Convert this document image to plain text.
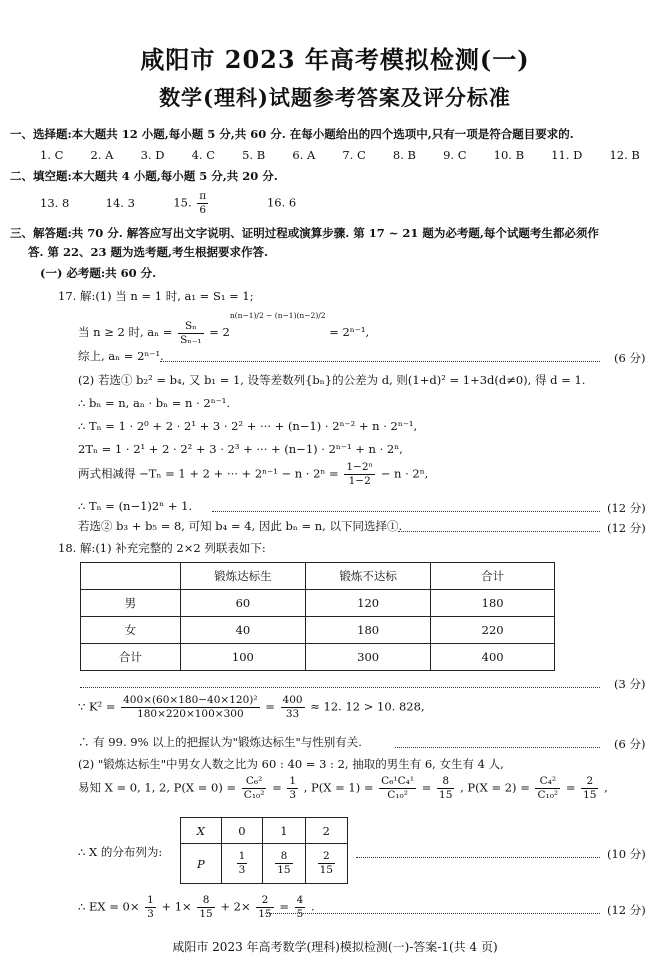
咸阳市 2023 年高考模拟检测(一)
数学(理科)试题参考答案及评分标准
一、选择题:本大题共 12 小题,每小题 5 分,共 60 分. 在每小题给出的四个选项中,只有一项是符合题目要求的.
1. C 2. A 3. D 4. C 5. B 6. A 7. C 8. B 9. C 10. B 11. D 12. B
二、填空题:本大题共 4 小题,每小题 5 分,共 20 分.
13. 8	14. 3	15. $\frac{\pi}{6}$	16. 6
三、解答题:共 70 分. 解答应写出文字说明、证明过程或演算步骤. 第 17 ~ 21 题为必考题,每个试题考生都必须作
答. 第 22、23 题为选考题,考生根据要求作答.
(一) 必考题:共 60 分.
17. 解:(1) 当 n = 1 时, a₁ = S₁ = 1;
当 n ≥ 2 时, $a_n = \frac{\text{Sₙ}}{\text{Sₙ₋₁}} = 2^{n(n-1)/2 - (n-1)(n-2)/2} = 2^{n-1}$,
综上, aₙ = 2ⁿ⁻¹.	(6 分)
(2) 若选① b₂² = b₄, 又 b₁ = 1, 设等差数列{bₙ}的公差为 d, 则(1+d)² = 1+3d(d≠0), 得 d = 1.
∴ bₙ = n, aₙ · bₙ = n · 2ⁿ⁻¹.
∴ Tₙ = 1 · 2⁰ + 2 · 2¹ + 3 · 2² + ··· + (n−1) · 2ⁿ⁻² + n · 2ⁿ⁻¹,
2Tₙ = 1 · 2¹ + 2 · 2² + 3 · 2³ + ··· + (n−1) · 2ⁿ⁻¹ + n · 2ⁿ,
两式相减得 −Tₙ = 1 + 2 + ··· + $2^{n-1} - n \cdot 2^n = \frac{\text{1−2ⁿ}}{1-2} - n \cdot 2^n$,
∴ Tₙ = (n−1)2ⁿ + 1.	(12 分)
若选② b₃ + b₅ = 8, 可知 b₄ = 4, 因此 bₙ = n, 以下同选择①.	(12 分)
18. 解:(1) 补充完整的 2×2 列联表如下:
	锻炼达标生	锻炼不达标	合计
男	60	120	180
女	40	180	220
合计	100	300	400
(3 分)
∵ $K^2 = \frac{\text{400×(60×180−40×120)²}}{180\times 220\times 100\times 300} = \frac{400}{33} \approx 12$. 12 > 10. 828,
∴ 有 99. 9% 以上的把握认为"锻炼达标生"与性别有关.	(6 分)
(2) "锻炼达标生"中男女人数之比为 60 : 40 = 3 : 2, 抽取的男生有 6, 女生有 4 人,
易知 X = 0, 1, 2, $P(X = 0) = \frac{\text{C₆²}}{\text{C₁₀²}} = \frac{1}{3}$ , $P(X = 1) = \frac{\text{C₆¹C₄¹}}{\text{C₁₀²}} = \frac{8}{15}$ , $P(X = 2) = \frac{\text{C₄²}}{\text{C₁₀²}} = \frac{2}{15}$ ,
∴ X 的分布列为:
X	0	1	2
P	$\frac{1}{3}$	$\frac{8}{15}$	$\frac{2}{15}$	(10 分)
∴ EX = $0\times \frac{1}{3} + 1\times \frac{8}{15} + 2\times \frac{2}{15} = \frac{4}{5}$ .	(12 分)
咸阳市 2023 年高考数学(理科)模拟检测(一)-答案-1(共 4 页)
